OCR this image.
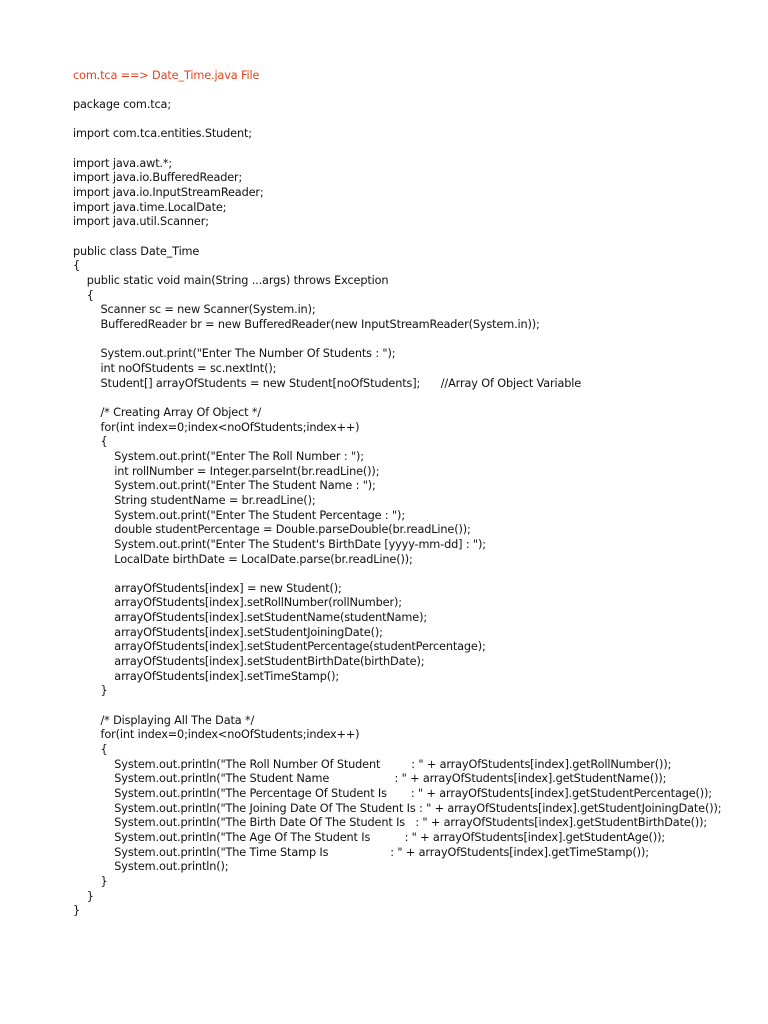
com.tca ==> Date_Time.java File
package com.tca;
import com.tca.entities.Student;
import java.awt.*;
import java.io.BufferedReader;
import java.io.InputStreamReader;
import java.time.LocalDate;
import java.util.Scanner;
public class Date_Time
{
public static void main(String ...args) throws Exception
{
Scanner sc = new Scanner(System.in);
BufferedReader br = new BufferedReader(new InputStreamReader(System.in));
System.out.print("Enter The Number Of Students : ");
int noOfStudents = sc.nextInt();
Student[] arrayOfStudents = new Student[noOfStudents];      //Array Of Object Variable
/* Creating Array Of Object */
for(int index=0;index<noOfStudents;index++)
{
System.out.print("Enter The Roll Number : ");
int rollNumber = Integer.parseInt(br.readLine());
System.out.print("Enter The Student Name : ");
String studentName = br.readLine();
System.out.print("Enter The Student Percentage : ");
double studentPercentage = Double.parseDouble(br.readLine());
System.out.print("Enter The Student's BirthDate [yyyy-mm-dd] : ");
LocalDate birthDate = LocalDate.parse(br.readLine());
arrayOfStudents[index] = new Student();
arrayOfStudents[index].setRollNumber(rollNumber);
arrayOfStudents[index].setStudentName(studentName);
arrayOfStudents[index].setStudentJoiningDate();
arrayOfStudents[index].setStudentPercentage(studentPercentage);
arrayOfStudents[index].setStudentBirthDate(birthDate);
arrayOfStudents[index].setTimeStamp();
}
/* Displaying All The Data */
for(int index=0;index<noOfStudents;index++)
{
System.out.println("The Roll Number Of Student         : " + arrayOfStudents[index].getRollNumber());
System.out.println("The Student Name                   : " + arrayOfStudents[index].getStudentName());
System.out.println("The Percentage Of Student Is       : " + arrayOfStudents[index].getStudentPercentage());
System.out.println("The Joining Date Of The Student Is : " + arrayOfStudents[index].getStudentJoiningDate());
System.out.println("The Birth Date Of The Student Is   : " + arrayOfStudents[index].getStudentBirthDate());
System.out.println("The Age Of The Student Is          : " + arrayOfStudents[index].getStudentAge());
System.out.println("The Time Stamp Is                  : " + arrayOfStudents[index].getTimeStamp());
System.out.println();
}
}
}
